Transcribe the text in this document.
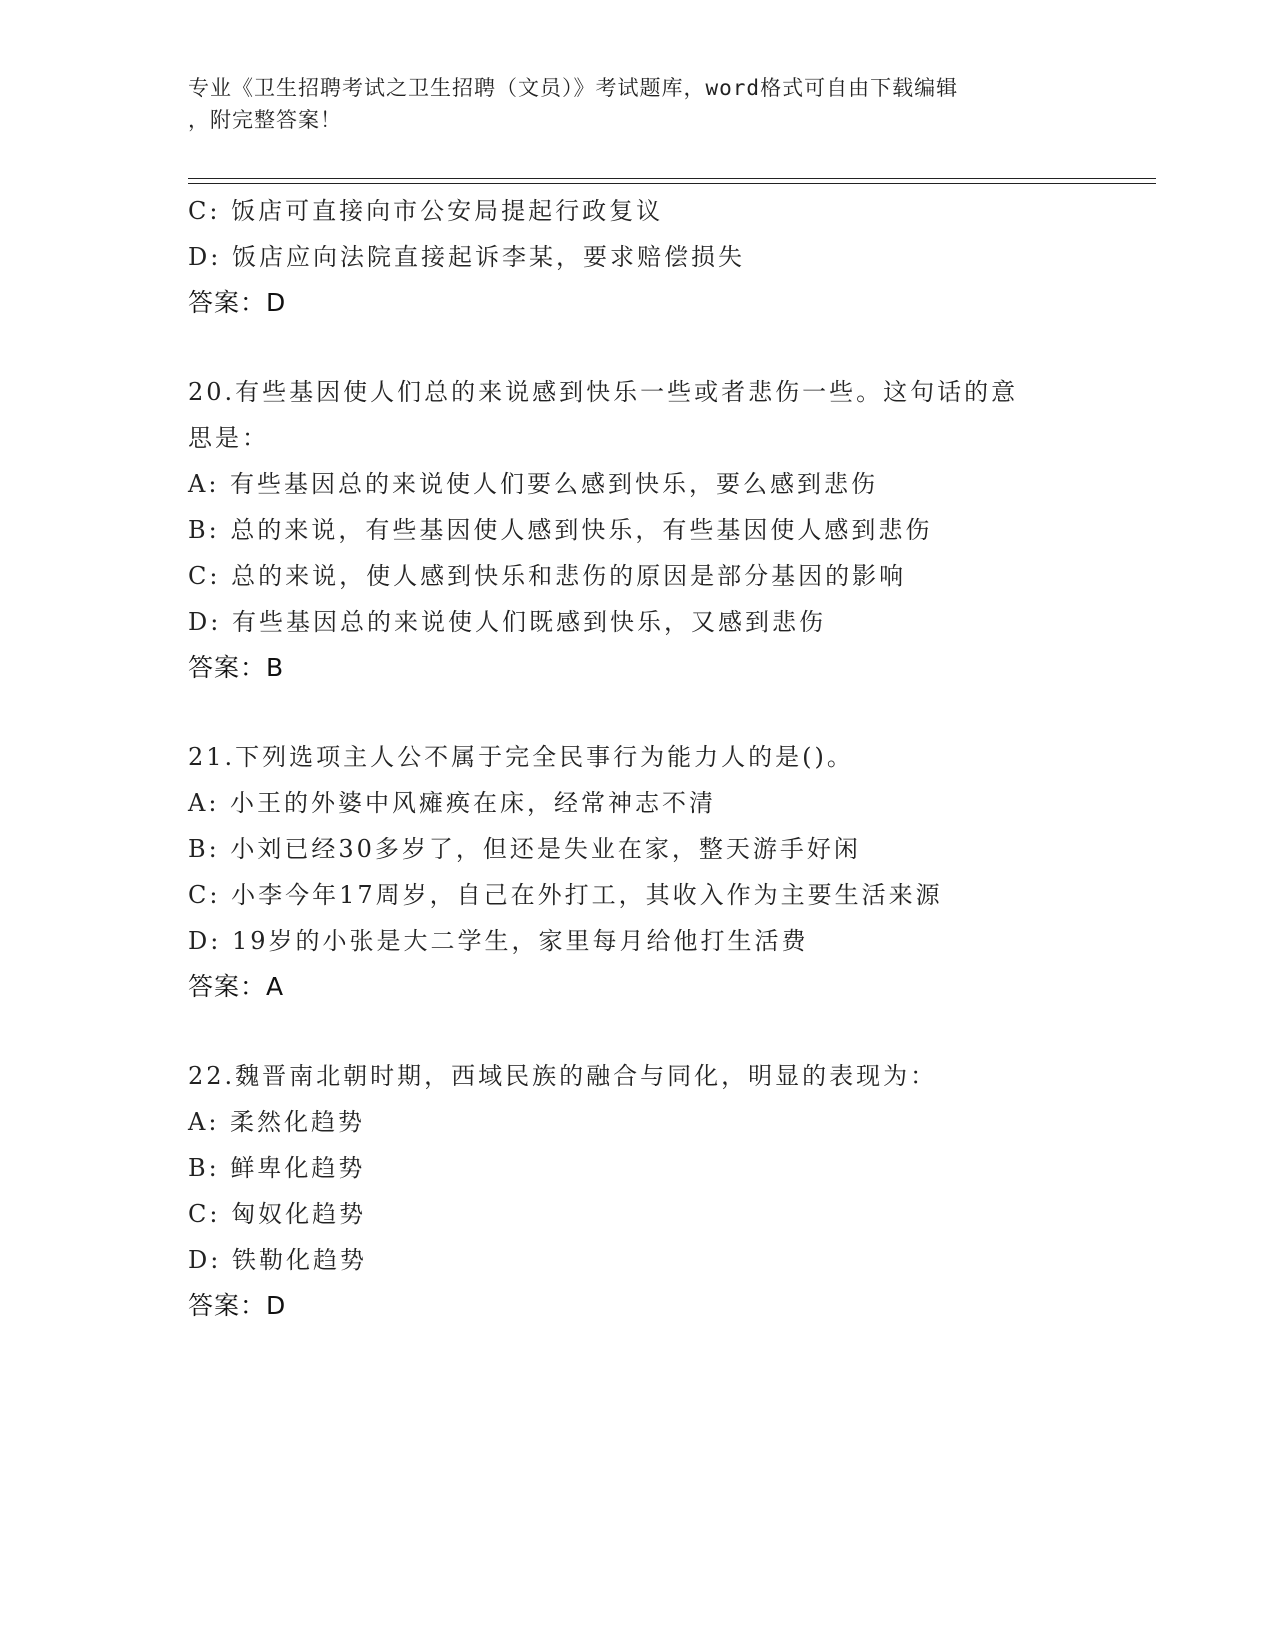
专业《卫生招聘考试之卫生招聘（文员）》考试题库，word格式可自由下载编辑
，附完整答案！
C: 饭店可直接向市公安局提起行政复议
D: 饭店应向法院直接起诉李某，要求赔偿损失
答案：D
20.有些基因使人们总的来说感到快乐一些或者悲伤一些。这句话的意
思是：
A: 有些基因总的来说使人们要么感到快乐，要么感到悲伤
B: 总的来说，有些基因使人感到快乐，有些基因使人感到悲伤
C: 总的来说，使人感到快乐和悲伤的原因是部分基因的影响
D: 有些基因总的来说使人们既感到快乐，又感到悲伤
答案：B
21.下列选项主人公不属于完全民事行为能力人的是()。
A: 小王的外婆中风瘫痪在床，经常神志不清
B: 小刘已经30多岁了，但还是失业在家，整天游手好闲
C: 小李今年17周岁，自己在外打工，其收入作为主要生活来源
D: 19岁的小张是大二学生，家里每月给他打生活费
答案：A
22.魏晋南北朝时期，西域民族的融合与同化，明显的表现为：
A: 柔然化趋势
B: 鲜卑化趋势
C: 匈奴化趋势
D: 铁勒化趋势
答案：D
